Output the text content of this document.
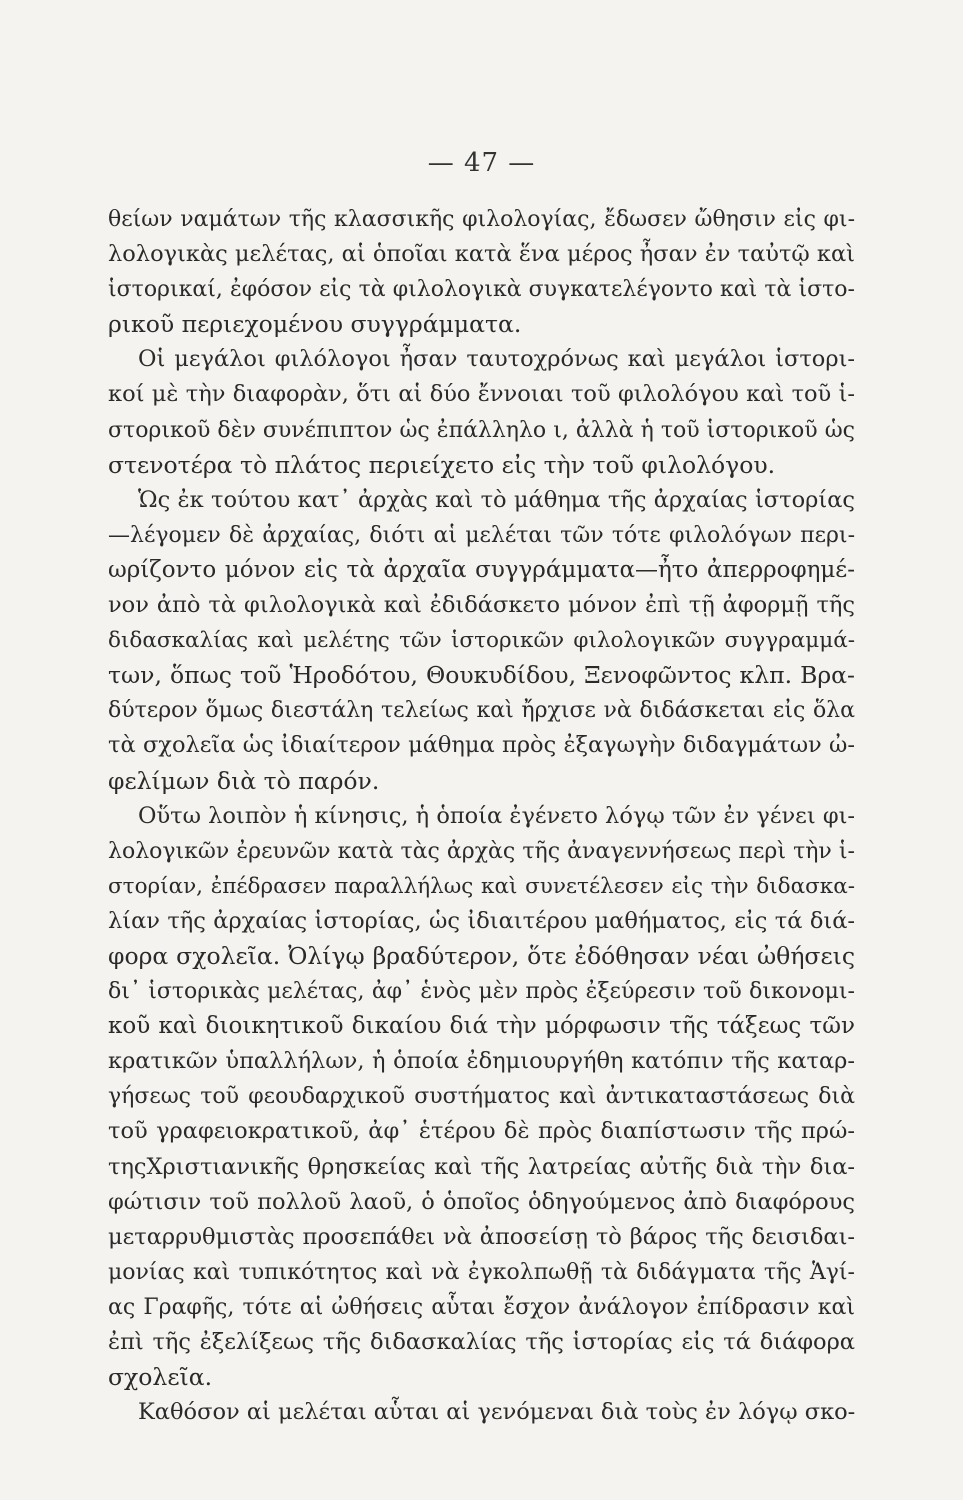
— 47 —
θείων ναμάτων τῆς κλασσικῆς φιλολογίας, ἔδωσεν ὤθησιν εἰς φι-
λολογικὰς μελέτας, αἱ ὁποῖαι κατὰ ἕνα μέρος ἦσαν ἐν ταὐτῷ καὶ
ἱστορικαί, ἐφόσον εἰς τὰ φιλολογικὰ συγκατελέγοντο καὶ τὰ ἱστο-
ρικοῦ περιεχομένου συγγράμματα.
Οἱ μεγάλοι φιλόλογοι ἦσαν ταυτοχρόνως καὶ μεγάλοι ἱστορι-
κοί μὲ τὴν διαφορὰν, ὅτι αἱ δύο ἔννοιαι τοῦ φιλολόγου καὶ τοῦ ἱ-
στορικοῦ δὲν συνέπιπτον ὡς ἐπάλληλο ι, ἀλλὰ ἡ τοῦ ἱστορικοῦ ὡς
στενοτέρα τὸ πλάτος περιείχετο εἰς τὴν τοῦ φιλολόγου.
Ὡς ἐκ τούτου κατ᾿ ἀρχὰς καὶ τὸ μάθημα τῆς ἀρχαίας ἱστορίας
—λέγομεν δὲ ἀρχαίας, διότι αἱ μελέται τῶν τότε φιλολόγων περι-
ωρίζοντο μόνον εἰς τὰ ἀρχαῖα συγγράμματα—ἦτο ἀπερροφημέ-
νον ἀπὸ τὰ φιλολογικὰ καὶ ἐδιδάσκετο μόνον ἐπὶ τῇ ἀφορμῇ τῆς
διδασκαλίας καὶ μελέτης τῶν ἱστορικῶν φιλολογικῶν συγγραμμά-
των, ὅπως τοῦ Ἡροδότου, Θουκυδίδου, Ξενοφῶντος κλπ. Βρα-
δύτερον ὅμως διεστάλη τελείως καὶ ἤρχισε νὰ διδάσκεται εἰς ὅλα
τὰ σχολεῖα ὡς ἰδιαίτερον μάθημα πρὸς ἐξαγωγὴν διδαγμάτων ὠ-
φελίμων διὰ τὸ παρόν.
Οὕτω λοιπὸν ἡ κίνησις, ἡ ὁποία ἐγένετο λόγῳ τῶν ἐν γένει φι-
λολογικῶν ἐρευνῶν κατὰ τὰς ἀρχὰς τῆς ἀναγεννήσεως περὶ τὴν ἱ-
στορίαν, ἐπέδρασεν παραλλήλως καὶ συνετέλεσεν εἰς τὴν διδασκα-
λίαν τῆς ἀρχαίας ἱστορίας, ὡς ἰδιαιτέρου μαθήματος, εἰς τά διά-
φορα σχολεῖα. Ὀλίγῳ βραδύτερον, ὅτε ἐδόθησαν νέαι ὠθήσεις
δι᾿ ἱστορικὰς μελέτας, ἀφ᾿ ἑνὸς μὲν πρὸς ἐξεύρεσιν τοῦ δικονομι-
κοῦ καὶ διοικητικοῦ δικαίου διά τὴν μόρφωσιν τῆς τάξεως τῶν
κρατικῶν ὑπαλλήλων, ἡ ὁποία ἐδημιουργήθη κατόπιν τῆς καταρ-
γήσεως τοῦ φεουδαρχικοῦ συστήματος καὶ ἀντικαταστάσεως διὰ
τοῦ γραφειοκρατικοῦ, ἀφ᾿ ἑτέρου δὲ πρὸς διαπίστωσιν τῆς πρώ-
τηςΧριστιανικῆς θρησκείας καὶ τῆς λατρείας αὐτῆς διὰ τὴν δια-
φώτισιν τοῦ πολλοῦ λαοῦ, ὁ ὁποῖος ὁδηγούμενος ἀπὸ διαφόρους
μεταρρυθμιστὰς προσεπάθει νὰ ἀποσείσῃ τὸ βάρος τῆς δεισιδαι-
μονίας καὶ τυπικότητος καὶ νὰ ἐγκολπωθῇ τὰ διδάγματα τῆς Ἁγί-
ας Γραφῆς, τότε αἱ ὠθήσεις αὗται ἔσχον ἀνάλογον ἐπίδρασιν καὶ
ἐπὶ τῆς ἐξελίξεως τῆς διδασκαλίας τῆς ἱστορίας εἰς τά διάφορα
σχολεῖα.
Καθόσον αἱ μελέται αὗται αἱ γενόμεναι διὰ τοὺς ἐν λόγῳ σκο-
